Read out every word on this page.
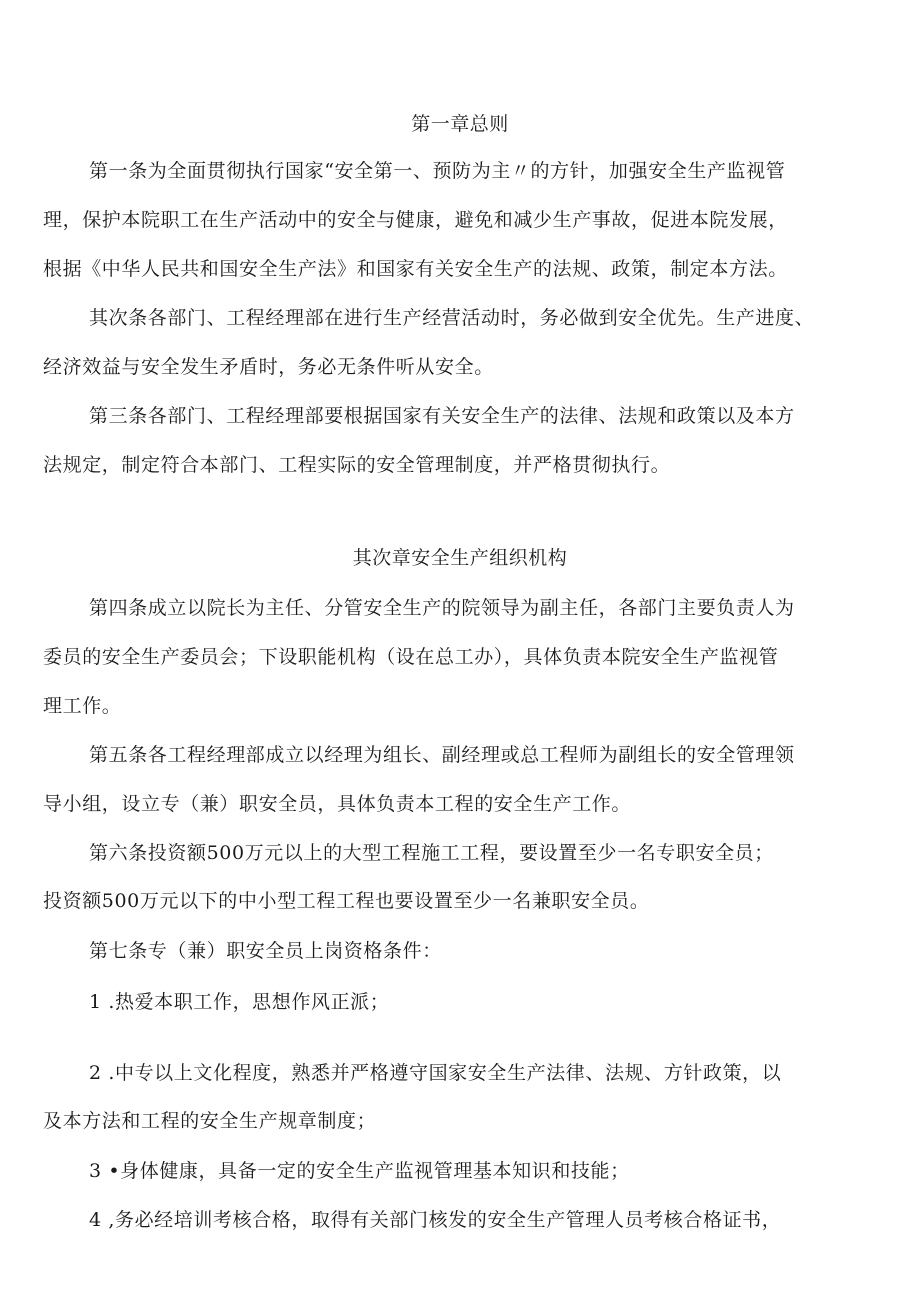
第一章总则
第一条为全面贯彻执行国家“安全第一、预防为主〃的方针，加强安全生产监视管
理，保护本院职工在生产活动中的安全与健康，避免和减少生产事故，促进本院发展，
根据《中华人民共和国安全生产法》和国家有关安全生产的法规、政策，制定本方法。
其次条各部门、工程经理部在进行生产经营活动时，务必做到安全优先。生产进度、
经济效益与安全发生矛盾时，务必无条件听从安全。
第三条各部门、工程经理部要根据国家有关安全生产的法律、法规和政策以及本方
法规定，制定符合本部门、工程实际的安全管理制度，并严格贯彻执行。
其次章安全生产组织机构
第四条成立以院长为主任、分管安全生产的院领导为副主任，各部门主要负责人为
委员的安全生产委员会；下设职能机构（设在总工办），具体负责本院安全生产监视管
理工作。
第五条各工程经理部成立以经理为组长、副经理或总工程师为副组长的安全管理领
导小组，设立专（兼）职安全员，具体负责本工程的安全生产工作。
第六条投资额500万元以上的大型工程施工工程，要设置至少一名专职安全员；
投资额500万元以下的中小型工程工程也要设置至少一名兼职安全员。
第七条专（兼）职安全员上岗资格条件：
1 .热爱本职工作，思想作风正派；
2 .中专以上文化程度，熟悉并严格遵守国家安全生产法律、法规、方针政策，以
及本方法和工程的安全生产规章制度；
3 •身体健康，具备一定的安全生产监视管理基本知识和技能；
4 ,务必经培训考核合格，取得有关部门核发的安全生产管理人员考核合格证书，
